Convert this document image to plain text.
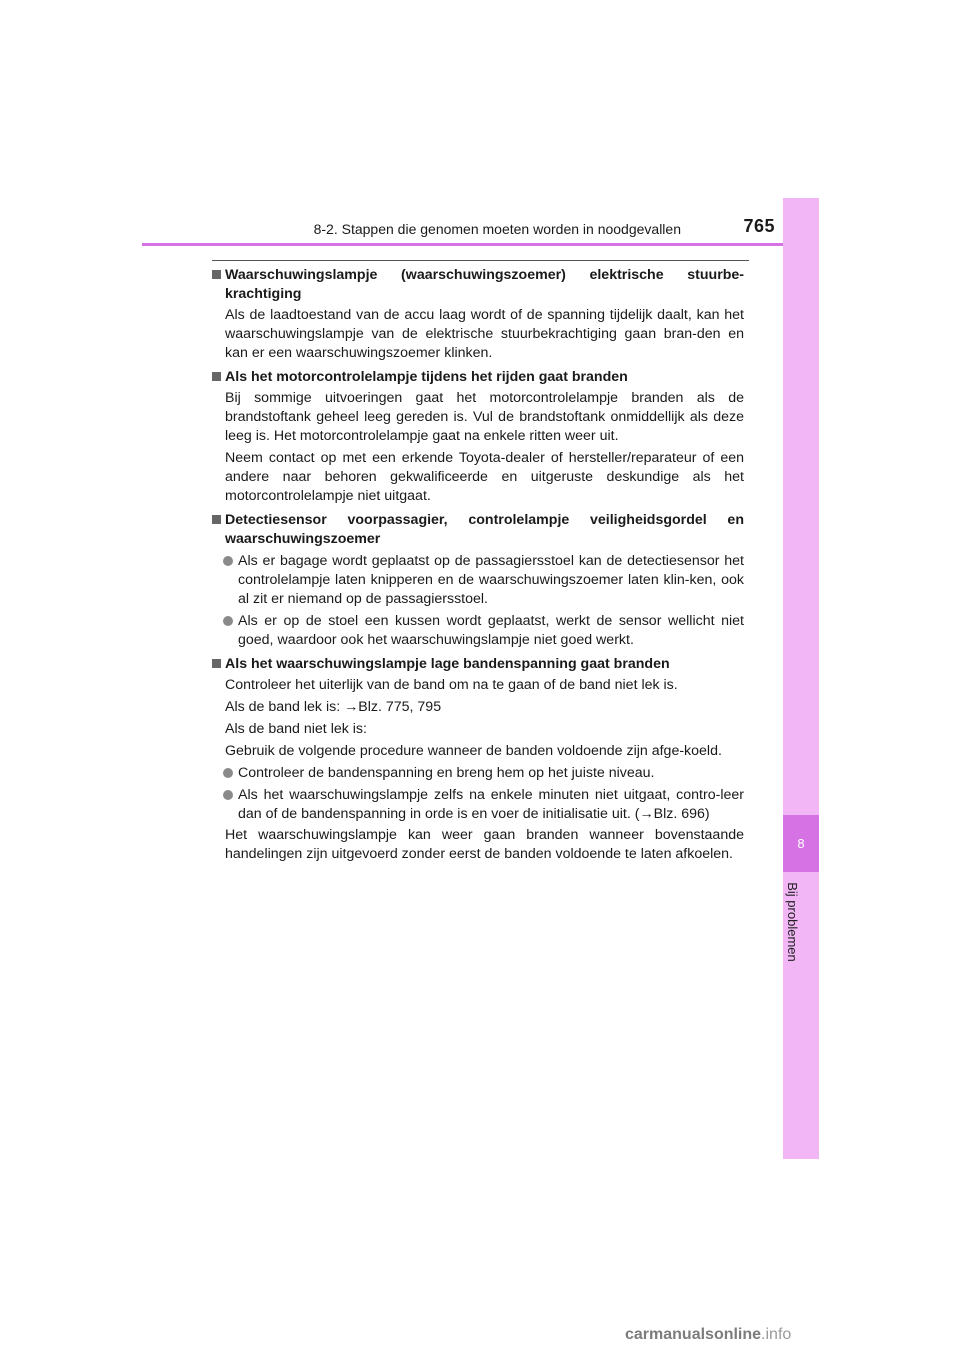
8-2. Stappen die genomen moeten worden in noodgevallen	765
8
Bij problemen
Waarschuwingslampje (waarschuwingszoemer) elektrische stuurbe-krachtiging
Als de laadtoestand van de accu laag wordt of de spanning tijdelijk daalt, kan het waarschuwingslampje van de elektrische stuurbekrachtiging gaan bran-den en kan er een waarschuwingszoemer klinken.
Als het motorcontrolelampje tijdens het rijden gaat branden
Bij sommige uitvoeringen gaat het motorcontrolelampje branden als de brandstoftank geheel leeg gereden is. Vul de brandstoftank onmiddellijk als deze leeg is. Het motorcontrolelampje gaat na enkele ritten weer uit.
Neem contact op met een erkende Toyota-dealer of hersteller/reparateur of een andere naar behoren gekwalificeerde en uitgeruste deskundige als het motorcontrolelampje niet uitgaat.
Detectiesensor voorpassagier, controlelampje veiligheidsgordel en waarschuwingszoemer
Als er bagage wordt geplaatst op de passagiersstoel kan de detectiesensor het controlelampje laten knipperen en de waarschuwingszoemer laten klin-ken, ook al zit er niemand op de passagiersstoel.
Als er op de stoel een kussen wordt geplaatst, werkt de sensor wellicht niet goed, waardoor ook het waarschuwingslampje niet goed werkt.
Als het waarschuwingslampje lage bandenspanning gaat branden
Controleer het uiterlijk van de band om na te gaan of de band niet lek is.
Als de band lek is: →Blz. 775, 795
Als de band niet lek is:
Gebruik de volgende procedure wanneer de banden voldoende zijn afge-koeld.
Controleer de bandenspanning en breng hem op het juiste niveau.
Als het waarschuwingslampje zelfs na enkele minuten niet uitgaat, contro-leer dan of de bandenspanning in orde is en voer de initialisatie uit. (→Blz. 696)
Het waarschuwingslampje kan weer gaan branden wanneer bovenstaande handelingen zijn uitgevoerd zonder eerst de banden voldoende te laten afkoelen.
carmanualsonline.info
